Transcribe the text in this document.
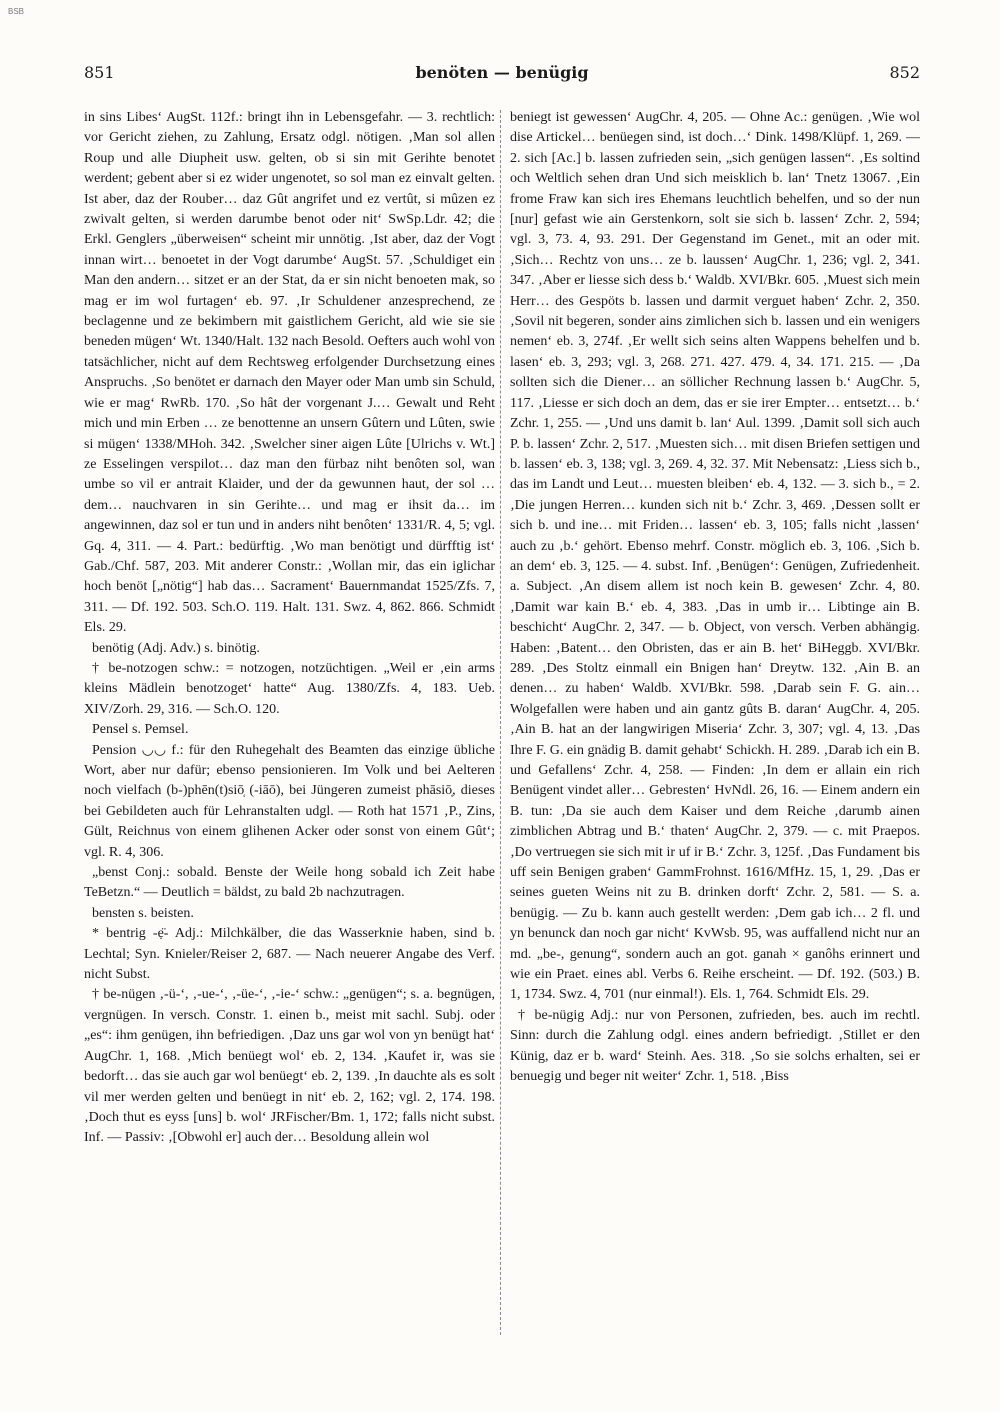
BSB
851	benöten — benügig	852

in sins Libes‘ AugSt. 112f.: bringt ihn in Lebensgefahr. — 3. rechtlich: vor Gericht ziehen, zu Zahlung, Ersatz odgl. nötigen. ‚Man sol allen Roup und alle Diupheit usw. gelten, ob si sin mit Gerihte benotet werdent; gebent aber si ez wider ungenotet, so sol man ez einvalt gelten. Ist aber, daz der Rouber… daz Gût angrifet und ez vertût, si mûzen ez zwivalt gelten, si werden darumbe benot oder nit‘ SwSp.Ldr. 42; die Erkl. Genglers „überweisen“ scheint mir unnötig. ‚Ist aber, daz der Vogt innan wirt… benoetet in der Vogt darumbe‘ AugSt. 57. ‚Schuldiget ein Man den andern… sitzet er an der Stat, da er sin nicht benoeten mak, so mag er im wol furtagen‘ eb. 97. ‚Ir Schuldener anzesprechend, ze beclagenne und ze bekimbern mit gaistlichem Gericht, ald wie sie sie beneden mügen‘ Wt. 1340/Halt. 132 nach Besold. Oefters auch wohl von tatsächlicher, nicht auf dem Rechtsweg erfolgender Durchsetzung eines Anspruchs. ‚So benötet er darnach den Mayer oder Man umb sin Schuld, wie er mag‘ RwRb. 170. ‚So hât der vorgenant J.… Gewalt und Reht mich und min Erben … ze benottenne an unsern Gûtern und Lûten, swie si mügen‘ 1338/MHoh. 342. ‚Swelcher siner aigen Lûte [Ulrichs v. Wt.] ze Esselingen verspilot… daz man den fürbaz niht benôten sol, wan umbe so vil er antrait Klaider, und der da gewunnen haut, der sol … dem… nauchvaren in sin Gerihte… und mag er ihsit da… im angewinnen, daz sol er tun und in anders niht benôten‘ 1331/R. 4, 5; vgl. Gq. 4, 311. — 4. Part.: bedürftig. ‚Wo man benötigt und dürfftig ist‘ Gab./Chf. 587, 203. Mit anderer Constr.: ‚Wollan mir, das ein iglichar hoch benöt [„nötig“] hab das… Sacrament‘ Bauernmandat 1525/Zfs. 7, 311. — Df. 192. 503. Sch.O. 119. Halt. 131. Swz. 4, 862. 866. Schmidt Els. 29.

benötig (Adj. Adv.) s. binötig.

† be-notzogen schw.: = notzogen, notzüchtigen. „Weil er ‚ein arms kleins Mädlein benotzoget‘ hatte“ Aug. 1380/Zfs. 4, 183. Ueb. XIV/Zorh. 29, 316. — Sch.O. 120.

Pensel s. Pemsel.

Pension ◡◡ f.: für den Ruhegehalt des Beamten das einzige übliche Wort, aber nur dafür; ebenso pensionieren. Im Volk und bei Aelteren noch vielfach (b-)phēn(t)siō̜ (-iāō), bei Jüngeren zumeist phāsiō̜, dieses bei Gebildeten auch für Lehranstalten udgl. — Roth hat 1571 ‚P., Zins, Gült, Reichnus von einem glihenen Acker oder sonst von einem Gût‘; vgl. R. 4, 306.

„benst Conj.: sobald. Benste der Weile hong sobald ich Zeit habe TeBetzn.“ — Deutlich = bäldst, zu bald 2b nachzutragen.

bensten s. beisten.

* bentrig -ẹ̈- Adj.: Milchkälber, die das Wasserknie haben, sind b. Lechtal; Syn. Knieler/Reiser 2, 687. — Nach neuerer Angabe des Verf. nicht Subst.

† be-nügen ‚-ü-‘, ‚-ue-‘, ‚-üe-‘, ‚-ie-‘ schw.: „genügen“; s. a. begnügen, vergnügen. In versch. Constr. 1. einen b., meist mit sachl. Subj. oder „es“: ihm genügen, ihn befriedigen. ‚Daz uns gar wol von yn benügt hat‘ AugChr. 1, 168. ‚Mich benüegt wol‘ eb. 2, 134. ‚Kaufet ir, was sie bedorft… das sie auch gar wol benüegt‘ eb. 2, 139. ‚In dauchte als es solt vil mer werden gelten und benüegt in nit‘ eb. 2, 162; vgl. 2, 174. 198. ‚Doch thut es eyss [uns] b. wol‘ JRFischer/Bm. 1, 172; falls nicht subst. Inf. — Passiv: ‚[Obwohl er] auch der… Besoldung allein wol

beniegt ist gewessen‘ AugChr. 4, 205. — Ohne Ac.: genügen. ‚Wie wol dise Artickel… benüegen sind, ist doch…‘ Dink. 1498/Klüpf. 1, 269. — 2. sich [Ac.] b. lassen zufrieden sein, „sich genügen lassen“. ‚Es soltind och Weltlich sehen dran Und sich meisklich b. lan‘ Tnetz 13067. ‚Ein frome Fraw kan sich ires Ehemans leuchtlich behelfen, und so der nun [nur] gefast wie ain Gerstenkorn, solt sie sich b. lassen‘ Zchr. 2, 594; vgl. 3, 73. 4, 93. 291. Der Gegenstand im Genet., mit an oder mit. ‚Sich… Rechtz von uns… ze b. laussen‘ AugChr. 1, 236; vgl. 2, 341. 347. ‚Aber er liesse sich dess b.‘ Waldb. XVI/Bkr. 605. ‚Muest sich mein Herr… des Gespöts b. lassen und darmit verguet haben‘ Zchr. 2, 350. ‚Sovil nit begeren, sonder ains zimlichen sich b. lassen und ein wenigers nemen‘ eb. 3, 274f. ‚Er wellt sich seins alten Wappens behelfen und b. lasen‘ eb. 3, 293; vgl. 3, 268. 271. 427. 479. 4, 34. 171. 215. — ‚Da sollten sich die Diener… an söllicher Rechnung lassen b.‘ AugChr. 5, 117. ‚Liesse er sich doch an dem, das er sie irer Empter… entsetzt… b.‘ Zchr. 1, 255. — ‚Und uns damit b. lan‘ Aul. 1399. ‚Damit soll sich auch P. b. lassen‘ Zchr. 2, 517. ‚Muesten sich… mit disen Briefen settigen und b. lassen‘ eb. 3, 138; vgl. 3, 269. 4, 32. 37. Mit Nebensatz: ‚Liess sich b., das im Landt und Leut… muesten bleiben‘ eb. 4, 132. — 3. sich b., = 2. ‚Die jungen Herren… kunden sich nit b.‘ Zchr. 3, 469. ‚Dessen sollt er sich b. und ine… mit Friden… lassen‘ eb. 3, 105; falls nicht ‚lassen‘ auch zu ‚b.‘ gehört. Ebenso mehrf. Constr. möglich eb. 3, 106. ‚Sich b. an dem‘ eb. 3, 125. — 4. subst. Inf. ‚Benügen‘: Genügen, Zufriedenheit. a. Subject. ‚An disem allem ist noch kein B. gewesen‘ Zchr. 4, 80. ‚Damit war kain B.‘ eb. 4, 383. ‚Das in umb ir… Libtinge ain B. beschicht‘ AugChr. 2, 347. — b. Object, von versch. Verben abhängig. Haben: ‚Batent… den Obristen, das er ain B. het‘ BiHeggb. XVI/Bkr. 289. ‚Des Stoltz einmall ein Bnigen han‘ Dreytw. 132. ‚Ain B. an denen… zu haben‘ Waldb. XVI/Bkr. 598. ‚Darab sein F. G. ain… Wolgefallen were haben und ain gantz gûts B. daran‘ AugChr. 4, 205. ‚Ain B. hat an der langwirigen Miseria‘ Zchr. 3, 307; vgl. 4, 13. ‚Das Ihre F. G. ein gnädig B. damit gehabt‘ Schickh. H. 289. ‚Darab ich ein B. und Gefallens‘ Zchr. 4, 258. — Finden: ‚In dem er allain ein rich Benügent vindet aller… Gebresten‘ HvNdl. 26, 16. — Einem andern ein B. tun: ‚Da sie auch dem Kaiser und dem Reiche ‚darumb ainen zimblichen Abtrag und B.‘ thaten‘ AugChr. 2, 379. — c. mit Praepos. ‚Do vertruegen sie sich mit ir uf ir B.‘ Zchr. 3, 125f. ‚Das Fundament bis uff sein Benigen graben‘ GammFrohnst. 1616/MfHz. 15, 1, 29. ‚Das er seines gueten Weins nit zu B. drinken dorft‘ Zchr. 2, 581. — S. a. benügig. — Zu b. kann auch gestellt werden: ‚Dem gab ich… 2 fl. und yn benunck dan noch gar nicht‘ KvWsb. 95, was auffallend nicht nur an md. „be-, genung“, sondern auch an got. ganah × ganôhs erinnert und wie ein Praet. eines abl. Verbs 6. Reihe erscheint. — Df. 192. (503.) B. 1, 1734. Swz. 4, 701 (nur einmal!). Els. 1, 764. Schmidt Els. 29.

† be-nügig Adj.: nur von Personen, zufrieden, bes. auch im rechtl. Sinn: durch die Zahlung odgl. eines andern befriedigt. ‚Stillet er den Künig, daz er b. ward‘ Steinh. Aes. 318. ‚So sie solchs erhalten, sei er benuegig und beger nit weiter‘ Zchr. 1, 518. ‚Biss
